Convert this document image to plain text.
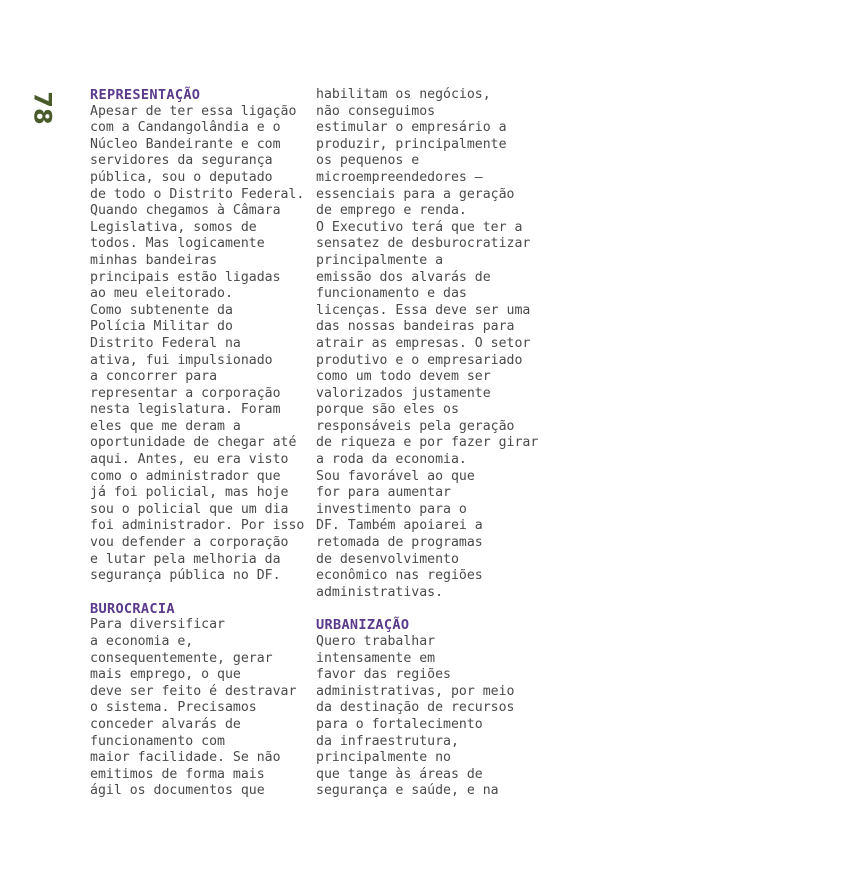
78 REPRESENTAÇÃO
Apesar de ter essa ligação
com a Candangolândia e o
Núcleo Bandeirante e com
servidores da segurança
pública, sou o deputado
de todo o Distrito Federal.
Quando chegamos à Câmara
Legislativa, somos de
todos. Mas logicamente
minhas bandeiras
principais estão ligadas
ao meu eleitorado.
Como subtenente da
Polícia Militar do
Distrito Federal na
ativa, fui impulsionado
a concorrer para
representar a corporação
nesta legislatura. Foram
eles que me deram a
oportunidade de chegar até
aqui. Antes, eu era visto
como o administrador que
já foi policial, mas hoje
sou o policial que um dia
foi administrador. Por isso
vou defender a corporação
e lutar pela melhoria da
segurança pública no DF.
BUROCRACIA
Para diversificar
a economia e,
consequentemente, gerar
mais emprego, o que
deve ser feito é destravar
o sistema. Precisamos
conceder alvarás de
funcionamento com
maior facilidade. Se não
emitimos de forma mais
ágil os documentos que
habilitam os negócios,
não conseguimos
estimular o empresário a
produzir, principalmente
os pequenos e
microempreendedores —
essenciais para a geração
de emprego e renda.
O Executivo terá que ter a
sensatez de desburocratizar
principalmente a
emissão dos alvarás de
funcionamento e das
licenças. Essa deve ser uma
das nossas bandeiras para
atrair as empresas. O setor
produtivo e o empresariado
como um todo devem ser
valorizados justamente
porque são eles os
responsáveis pela geração
de riqueza e por fazer girar
a roda da economia.
Sou favorável ao que
for para aumentar
investimento para o
DF. Também apoiarei a
retomada de programas
de desenvolvimento
econômico nas regiões
administrativas.
URBANIZAÇÃO
Quero trabalhar
intensamente em
favor das regiões
administrativas, por meio
da destinação de recursos
para o fortalecimento
da infraestrutura,
principalmente no
que tange às áreas de
segurança e saúde, e na
